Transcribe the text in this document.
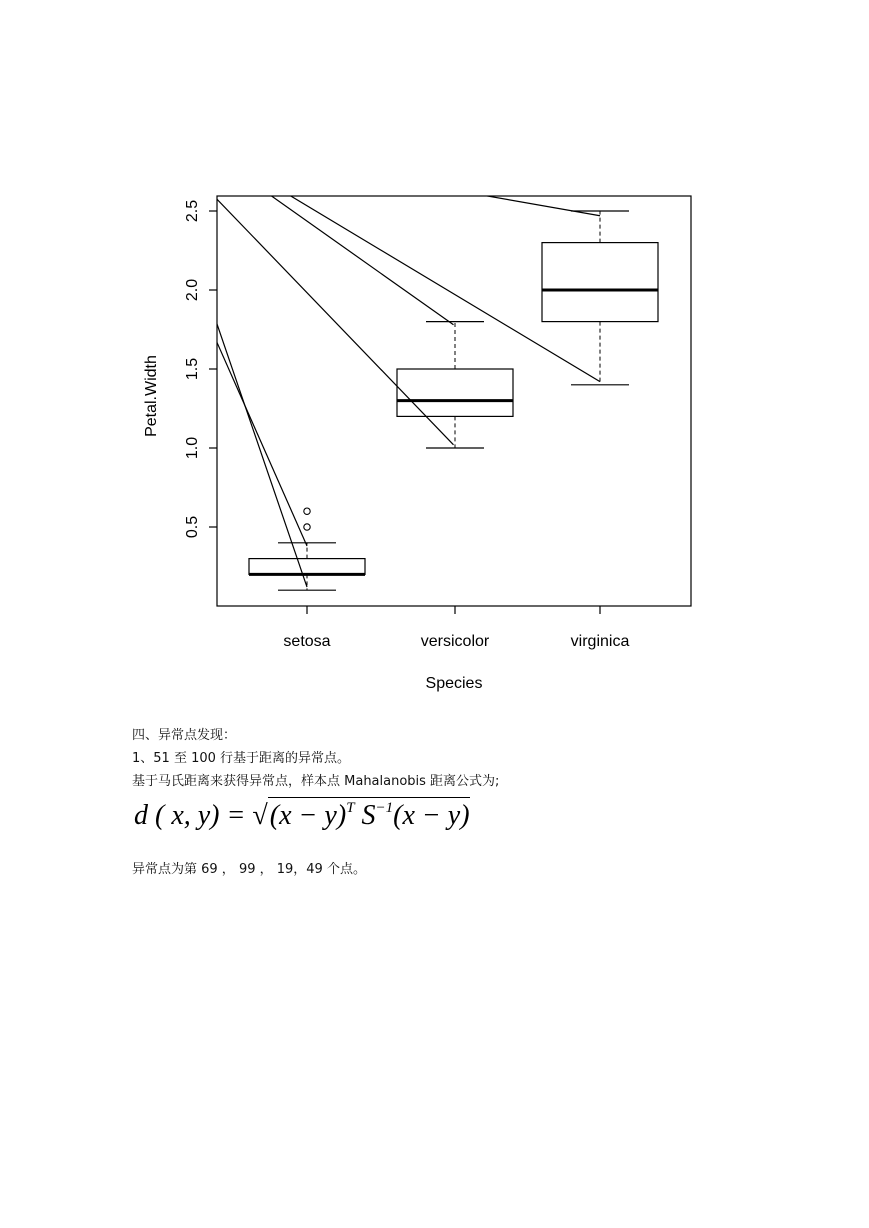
0.5
1.0
1.5
2.0
2.5
setosa	versicolor	virginica
Species
Petal.Width
四、异常点发现：
1、51 至 100 行基于距离的异常点。
基于马氏距离来获得异常点，样本点 Mahalanobis 距离公式为;
d ( x, $y) = √(x - y)^T$ $S^{-1}(x - y)$
异常点为第 69 ， 99 ， 19，49 个点。
